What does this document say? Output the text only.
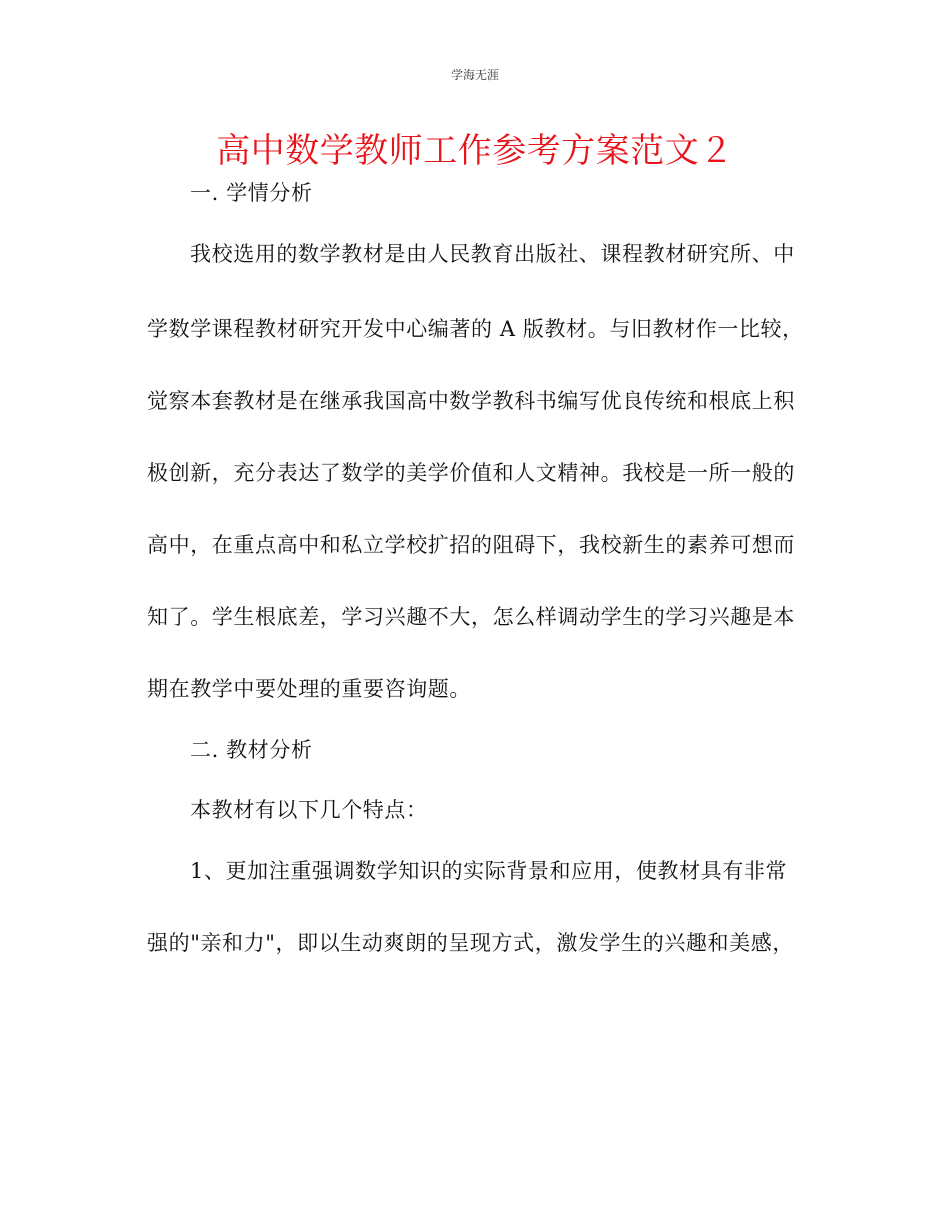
学海无涯
高中数学教师工作参考方案范文２
一. 学情分析
我校选用的数学教材是由人民教育出版社、课程教材研究所、中
学数学课程教材研究开发中心编著的 A 版教材。与旧教材作一比较，
觉察本套教材是在继承我国高中数学教科书编写优良传统和根底上积
极创新，充分表达了数学的美学价值和人文精神。我校是一所一般的
高中，在重点高中和私立学校扩招的阻碍下，我校新生的素养可想而
知了。学生根底差，学习兴趣不大，怎么样调动学生的学习兴趣是本
期在教学中要处理的重要咨询题。
二. 教材分析
本教材有以下几个特点：
1、更加注重强调数学知识的实际背景和应用，使教材具有非常
强的"亲和力"，即以生动爽朗的呈现方式，激发学生的兴趣和美感，
